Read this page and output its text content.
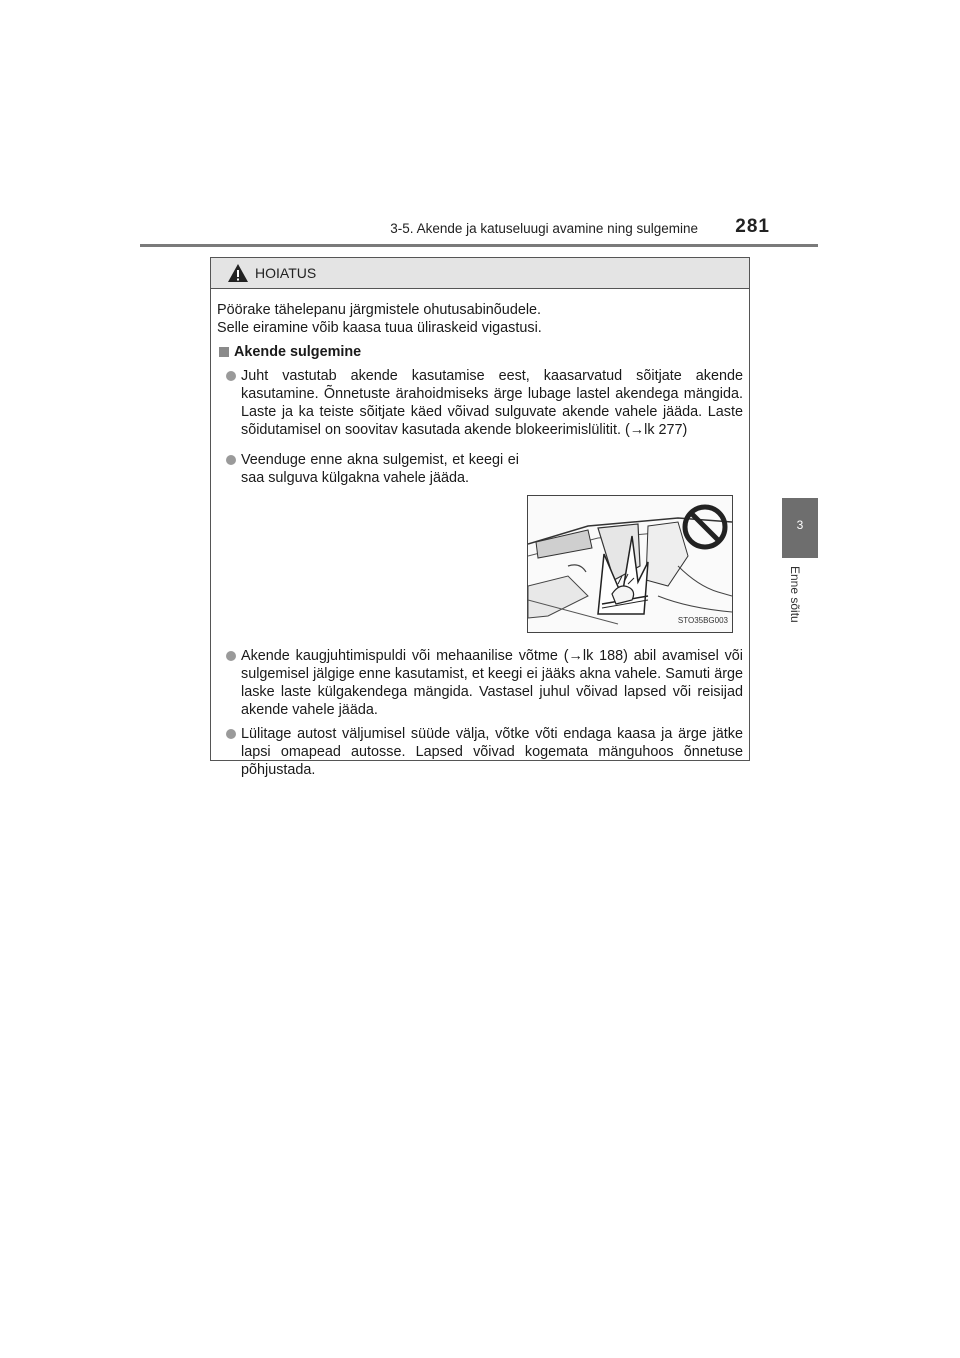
3-5. Akende ja katuseluugi avamine ning sulgemine 281
3
Enne sõitu
HOIATUS

Pöörake tähelepanu järgmistele ohutusabinõudele.

Selle eiramine võib kaasa tuua üliraskeid vigastusi.

Akende sulgemine

Juht vastutab akende kasutamise eest, kaasarvatud sõitjate akende kasutamine. Õnnetuste ärahoidmiseks ärge lubage lastel akendega mängida. Laste ja ka teiste sõitjate käed võivad sulguvate akende vahele jääda. Laste sõidutamisel on soovitav kasutada akende blokeerimislülitit. (→lk 277)

Veenduge enne akna sulgemist, et keegi ei saa sulguva külgakna vahele jääda.

STO35BG003

Akende kaugjuhtimispuldi või mehaanilise võtme (→lk 188) abil avamisel või sulgemisel jälgige enne kasutamist, et keegi ei jääks akna vahele. Samuti ärge laske laste külgakendega mängida. Vastasel juhul võivad lapsed või reisijad akende vahele jääda.

Lülitage autost väljumisel süüde välja, võtke võti endaga kaasa ja ärge jätke lapsi omapead autosse. Lapsed võivad kogemata mänguhoos õnnetuse põhjustada.
